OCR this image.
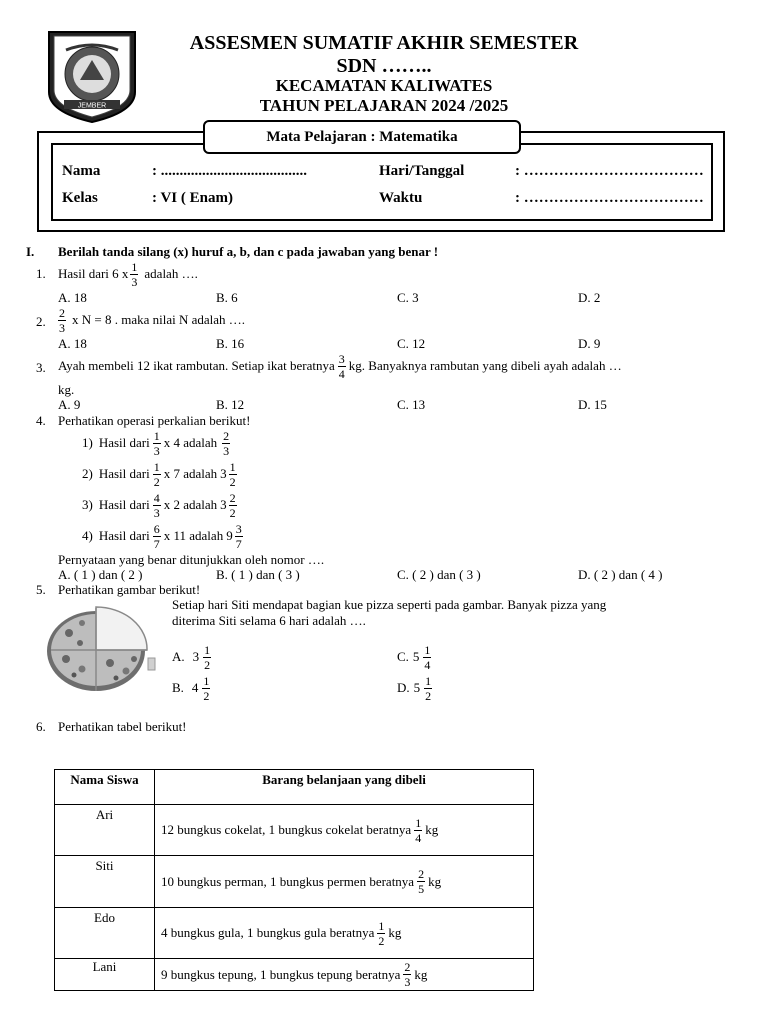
JEMBER
ASSESMEN SUMATIF AKHIR SEMESTER
SDN ……..
KECAMATAN KALIWATES
TAHUN PELAJARAN 2024 /2025
Mata Pelajaran : Matematika
Nama	: .......................................	Hari/Tanggal	: ………………………………
Kelas	: VI ( Enam)	Waktu	: ………………………………
I. Berilah tanda silang (x) huruf a, b, dan c pada jawaban yang benar !
1. Hasil dari 6 x $\frac{1}{3}$ adalah ….
A. 18	B. 6	C. 3	D. 2
2. $\frac{2}{3}$ x N = 8 . maka nilai N adalah ….
A. 18	B. 16	C. 12	D. 9
3. Ayah membeli 12 ikat rambutan. Setiap ikat beratnya $\frac{3}{4}$ kg. Banyaknya rambutan yang dibeli ayah adalah …
kg.
A. 9	B. 12	C. 13	D. 15
4. Perhatikan operasi perkalian berikut!
1) Hasil dari $\frac{1}{3}$ x 4 adalah $\frac{2}{3}$
2) Hasil dari $\frac{1}{2}$ x 7 adalah $3 \frac{1}{2}$
3) Hasil dari $\frac{4}{3}$ x 2 adalah $3 \frac{2}{2}$
4) Hasil dari $\frac{6}{7}$ x 11 adalah $9 \frac{3}{7}$
Pernyataan yang benar ditunjukkan oleh nomor ….
A. ( 1 ) dan ( 2 )	B. ( 1 ) dan ( 3 )	C. ( 2 ) dan ( 3 )	D. ( 2 ) dan ( 4 )
5. Perhatikan gambar berikut!
Setiap hari Siti mendapat bagian kue pizza seperti pada gambar. Banyak pizza yang
diterima Siti selama 6 hari adalah ….
A. $3 \frac{1}{2}$	C. $5 \frac{1}{4}$
B. $4 \frac{1}{2}$	D. $5 \frac{1}{2}$
6. Perhatikan tabel berikut!
Nama Siswa	Barang belanjaan yang dibeli
Ari	12 bungkus cokelat, 1 bungkus cokelat beratnya $\frac{1}{4}$ kg

Siti	10 bungkus perman, 1 bungkus permen beratnya $\frac{2}{5}$ kg

Edo	4 bungkus gula, 1 bungkus gula beratnya $\frac{1}{2}$ kg

Lani	9 bungkus tepung, 1 bungkus tepung beratnya $\frac{2}{3}$ kg
